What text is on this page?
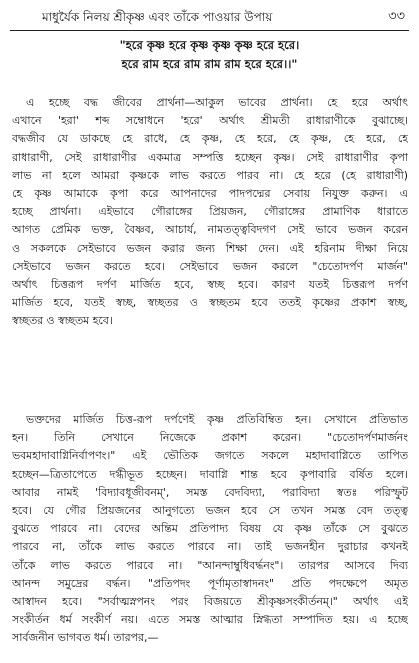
মাধুর্যৈক নিলয় শ্রীকৃষ্ণ এবং তাঁকে পাওয়ার উপায়	৩৩
"হরে কৃষ্ণ হরে কৃষ্ণ কৃষ্ণ কৃষ্ণ হরে হরে।
হরে রাম হরে রাম রাম রাম হরে হরে।।"
এ হচ্ছে বদ্ধ জীবের প্রার্থনা—আকুল ভাবের প্রার্থনা। হে হরে অর্থাৎ
এখানে 'হরা' শব্দ সম্বোধনে 'হরে' অর্থাৎ শ্রীমতী রাধারাণীকে বুঝাচ্ছে।
বদ্ধজীব যে ডাকছে হে রাধে, হে কৃষ্ণ, হে হরে, হে কৃষ্ণ, হে হরে, হে
রাধারাণী, সেই রাধারাণীর একমাত্র সম্পত্তি হচ্ছেন কৃষ্ণ। সেই রাধারাণীর কৃপা
লাভ না হলে আমরা কৃষ্ণকে লাভ করতে পারব না। হে হরে (হে রাধারাণী)
হে কৃষ্ণ আমাকে কৃপা করে আপনাদের পাদপদ্মের সেবায় নিযুক্ত করুন। এ
হচ্ছে প্রার্থনা। এইভাবে গৌরাঙ্গের প্রিয়জন, গৌরাঙ্গের প্রামাণিক ধারাতে
আগত প্রেমিক ভক্ত, বৈষ্ণব, আচার্য, নামতত্ত্ববিদগণ সেই ভাবে ভজন করেন
ও সকলকে সেইভাবে ভজন করার জন্য শিক্ষা দেন। এই হরিনাম দীক্ষা নিয়ে
সেইভাবে ভজন করতে হবে। সেইভাবে ভজন করলে "চেতোদর্পণ মার্জন"
অর্থাৎ চিত্তরূপ দর্পণ মার্জিত হবে, স্বচ্ছ হবে। কারণ যতই চিত্তরূপ দর্পণ
মার্জিত হবে, যতই স্বচ্ছ, স্বচ্ছতর ও স্বচ্ছতম হবে ততই কৃষ্ণের প্রকাশ স্বচ্ছ,
স্বচ্ছতর ও স্বচ্ছতম হবে।
ভক্তদের মার্জিত চিত্ত-রূপ দর্পণেই কৃষ্ণ প্রতিবিম্বিত হন। সেখানে প্রতিভাত
হন। তিনি সেখানে নিজেকে প্রকাশ করেন। "চেতোদর্পণমার্জনং
ভবমহাদাবাগ্নিনির্বাপণং।" এই ভৌতিক জগতে সকলে মহাদাবাগ্নিতে তাপিত
হচ্ছেন—ত্রিতাপেতে দগ্ধীভূত হচ্ছেন। দাবাগ্নি শান্ত হবে কৃপাবারি বর্ষিত হলে।
আবার নামই 'বিদ্যাবধূজীবনম্', সমস্ত বেদবিদ্যা, পরাবিদ্যা স্বতঃ পরিস্ফুট
হবে। যে গৌর প্রিয়জনের আনুগত্যে ভজন হবে সে তখন সমস্ত বেদ তত্ত্ব
বুঝতে পারবে না। বেদের অন্তিম প্রতিপাদ্য বিষয় যে কৃষ্ণ তাঁকে সে বুঝতে
পারবে না, তাঁকে লাভ করতে পারবে না। তাই ভজনহীন দুরাচার কখনই
তাঁকে লাভ করতে পারবে না। "আনন্দাম্বুধিবর্দ্ধনং"। তারপর আসবে দিব্য
আনন্দ সমুদ্রের বর্দ্ধন। "প্রতিপদং পূর্ণামৃতাস্বাদনং" প্রতি পদক্ষেপে অমৃত
আস্বাদন হবে। "সর্বাত্মস্নপনং পরং বিজয়তে শ্রীকৃষ্ণসংকীর্তনম্।" অর্থাৎ এই
সংকীর্তন ধর্ম সংকীর্ণ নয়। এতে সমস্ত আত্মার স্নিগ্ধতা সম্পাদিত হয়। এ হচ্ছে
সার্বজনীন ভাগবত ধর্ম। তারপর,—
